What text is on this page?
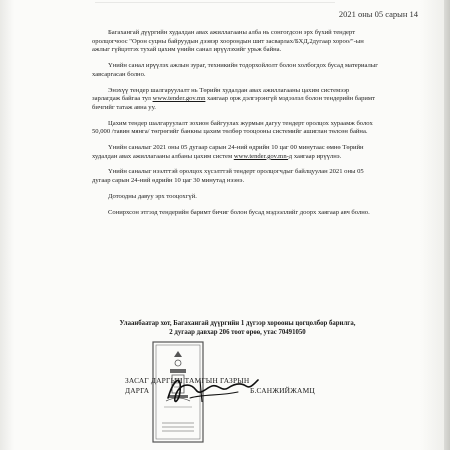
2021 оны 05 сарын 14

Багахангай дүүргийн худалдан авах ажиллагааны алба нь сонгогдсон эрх бүхий тендерт оролцогчоос "Орон суцны байруудын дээвэр хоорондын шит засварлах/БХД,2дугаар хороо/"-ын ажлыг гүйцэтгэх тухай цахим үнийн санал ирүүлэхийг урьж байна.

Үнийн санал ирүүлэх ажлын зураг, техникийн тодорхойлолт болон холбогдох бусад материалыг хавсаргасан болно.

Энэхүү тендер шалгаруулалт нь Төрийн худалдан авах ажиллагааны цахим системээр зарлагдаж байгаа тул www.tender.gov.mn хаягаар орж дэлгэрэнгүй мэдээлэл болон тендерийн баримт бичгийг татаж авна уу.

Цахим тендер шалгаруулалт зохион байгуулах журмын дагуу тендерт оролцох хураамж болох 50,000 /тавин мянга/ төгрөгийг банкны цахим төлбөр тооцооны системийг ашиглан төлсөн байна.

Үнийн саналыг 2021 оны 05 дугаар сарын 24-ний өдрийн 10 цаг 00 минутаас өмнө Төрийн худалдан авах ажиллагааны албаны цахим систем www.tender.gov.mn-д хаягаар ирүүлнэ.

Үнийн саналыг нээлттэй оролцох хүсэлттэй тендерт оролцогчдыг байлцуулан 2021 оны 05 дугаар сарын 24-ний өдрийн 10 цаг 30 минутад нээнэ.

Дотоодны давуу эрх тооцохгүй.

Сонирхсон этгээд тендерийн баримт бичиг болон бусад мэдээллийг доорх хаягаар авч болно.

Улаанбаатар хот, Багахангай дүүргийн 1 дүгээр хорооны цогцолбор барилга,
2 дугаар давхар 206 тоот өрөө, утас 70491050
ЗАСАГ ДАРГЫН ТАМГЫН ГАЗРЫН
ДАРГА	Б.САНЖИЙЖАМЦ
